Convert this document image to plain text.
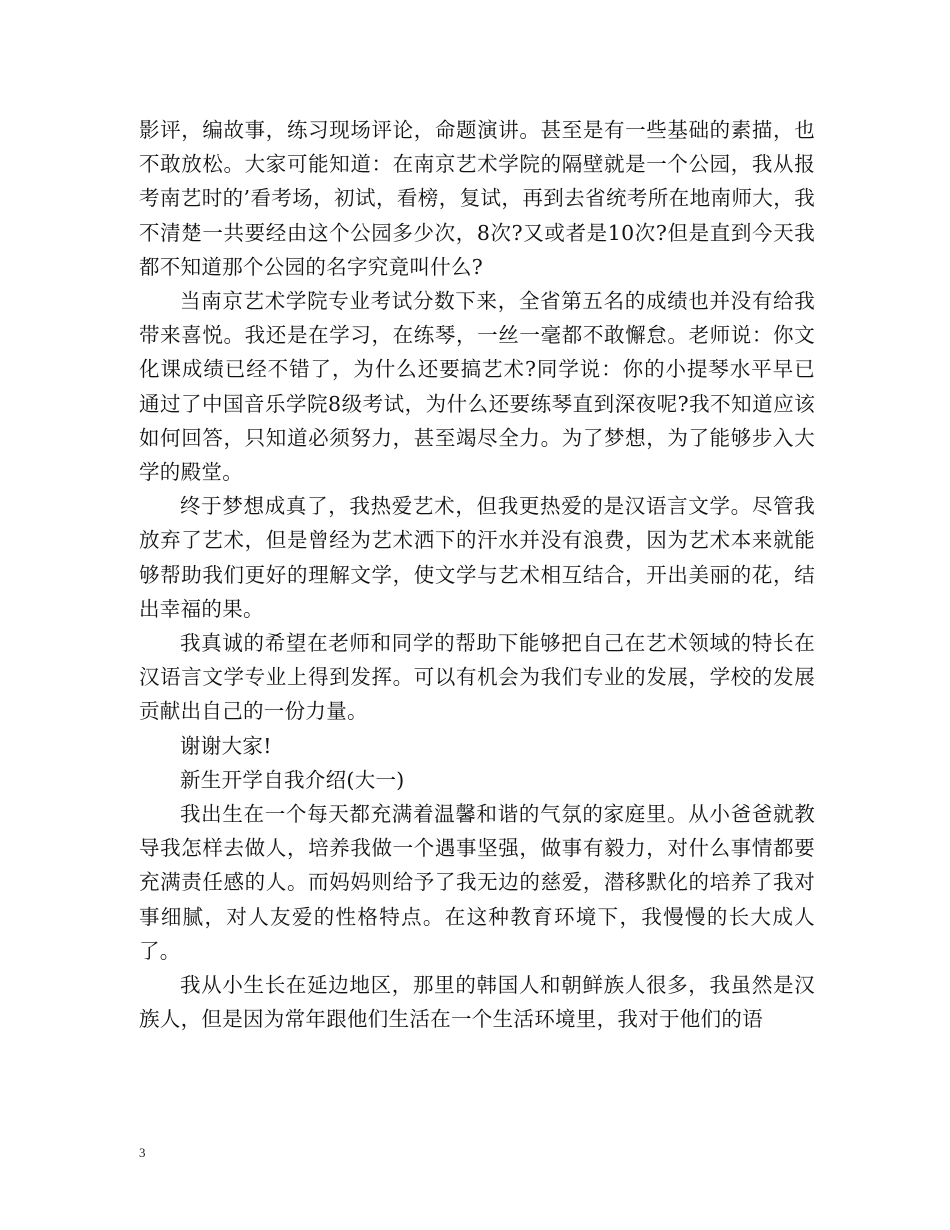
影评，编故事，练习现场评论，命题演讲。甚至是有一些基础的素描，也不敢放松。大家可能知道：在南京艺术学院的隔壁就是一个公园，我从报考南艺时的’看考场，初试，看榜，复试，再到去省统考所在地南师大，我不清楚一共要经由这个公园多少次，8次?又或者是10次?但是直到今天我都不知道那个公园的名字究竟叫什么?

当南京艺术学院专业考试分数下来，全省第五名的成绩也并没有给我带来喜悦。我还是在学习，在练琴，一丝一毫都不敢懈怠。老师说：你文化课成绩已经不错了，为什么还要搞艺术?同学说：你的小提琴水平早已通过了中国音乐学院8级考试，为什么还要练琴直到深夜呢?我不知道应该如何回答，只知道必须努力，甚至竭尽全力。为了梦想，为了能够步入大学的殿堂。

终于梦想成真了，我热爱艺术，但我更热爱的是汉语言文学。尽管我放弃了艺术，但是曾经为艺术洒下的汗水并没有浪费，因为艺术本来就能够帮助我们更好的理解文学，使文学与艺术相互结合，开出美丽的花，结出幸福的果。

我真诚的希望在老师和同学的帮助下能够把自己在艺术领域的特长在汉语言文学专业上得到发挥。可以有机会为我们专业的发展，学校的发展贡献出自己的一份力量。

谢谢大家!

新生开学自我介绍(大一)

我出生在一个每天都充满着温馨和谐的气氛的家庭里。从小爸爸就教导我怎样去做人，培养我做一个遇事坚强，做事有毅力，对什么事情都要充满责任感的人。而妈妈则给予了我无边的慈爱，潜移默化的培养了我对事细腻，对人友爱的性格特点。在这种教育环境下，我慢慢的长大成人了。

我从小生长在延边地区，那里的韩国人和朝鲜族人很多，我虽然是汉族人，但是因为常年跟他们生活在一个生活环境里，我对于他们的语

3
